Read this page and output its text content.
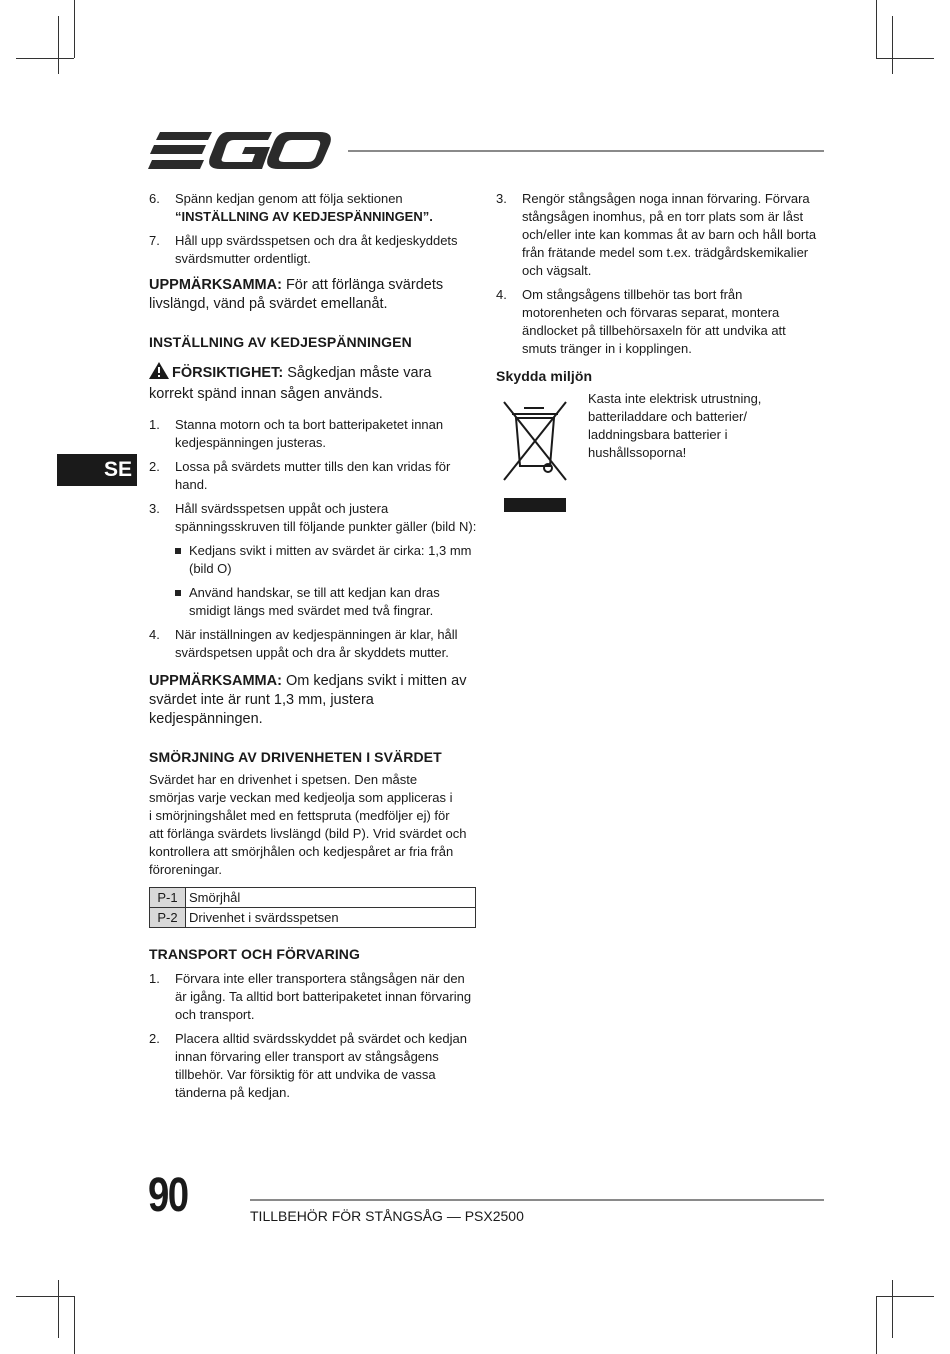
SE
6. Spänn kedjan genom att följa sektionen
“INSTÄLLNING AV KEDJESPÄNNINGEN”.
7. Håll upp svärdsspetsen och dra åt kedjeskyddets svärdsmutter ordentligt.

UPPMÄRKSAMMA: För att förlänga svärdets livslängd, vänd på svärdet emellanåt.

INSTÄLLNING AV KEDJESPÄNNINGEN

FÖRSIKTIGHET: Sågkedjan måste vara korrekt spänd innan sågen används.

1. Stanna motorn och ta bort batteripaketet innan kedjespänningen justeras.
2. Lossa på svärdets mutter tills den kan vridas för hand.
3. Håll svärdsspetsen uppåt och justera spänningsskruven till följande punkter gäller (bild N):
Kedjans svikt i mitten av svärdet är cirka: 1,3 mm (bild O)
Använd handskar, se till att kedjan kan dras smidigt längs med svärdet med två fingrar.
4. När inställningen av kedjespänningen är klar, håll svärdspetsen uppåt och dra år skyddets mutter.

UPPMÄRKSAMMA: Om kedjans svikt i mitten av svärdet inte är runt 1,3 mm, justera kedjespänningen.

SMÖRJNING AV DRIVENHETEN I SVÄRDET
Svärdet har en drivenhet i spetsen. Den måste
smörjas varje veckan med kedjeolja som appliceras i
i smörjningshålet med en fettspruta (medföljer ej) för
att förlänga svärdets livslängd (bild P). Vrid svärdet och
kontrollera att smörjhålen och kedjespåret ar fria från
föroreningar.
P-1	Smörjhål
P-2	Drivenhet i svärdsspetsen
TRANSPORT OCH FÖRVARING
1. Förvara inte eller transportera stångsågen när den är igång. Ta alltid bort batteripaketet innan förvaring och transport.
2. Placera alltid svärdsskyddet på svärdet och kedjan innan förvaring eller transport av stångsågens tillbehör. Var försiktig för att undvika de vassa tänderna på kedjan.
3. Rengör stångsågen noga innan förvaring. Förvara stångsågen inomhus, på en torr plats som är låst och/eller inte kan kommas åt av barn och håll borta från frätande medel som t.ex. trädgårdskemikalier och vägsalt.
4. Om stångsågens tillbehör tas bort från motorenheten och förvaras separat, montera ändlocket på tillbehörsaxeln för att undvika att smuts tränger in i kopplingen.
Skydda miljön
Kasta inte elektrisk utrustning, batteriladdare och batterier/ laddningsbara batterier i hushållssoporna!
90	TILLBEHÖR FÖR STÅNGSÅG — PSX2500
